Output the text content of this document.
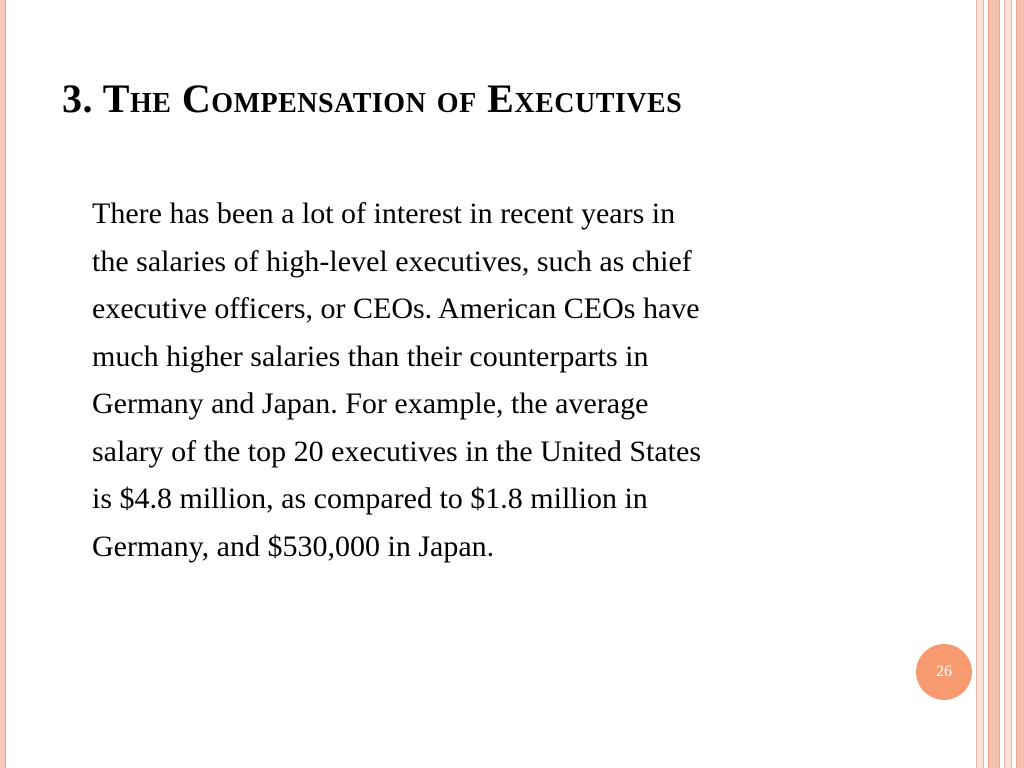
3. The Compensation of Executives

There has been a lot of interest in recent years in
the salaries of high-level executives, such as chief
executive officers, or CEOs. American CEOs have
much higher salaries than their counterparts in
Germany and Japan. For example, the average
salary of the top 20 executives in the United States
is $4.8 million, as compared to $1.8 million in
Germany, and $530,000 in Japan.

26
